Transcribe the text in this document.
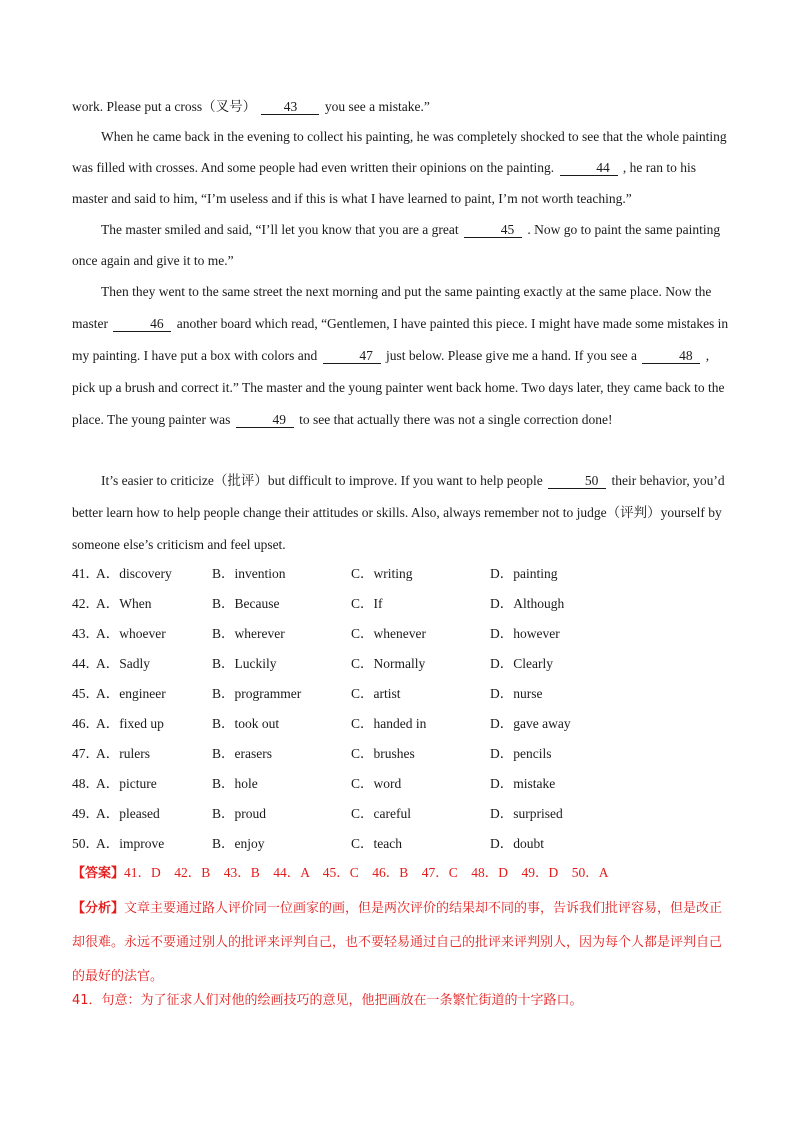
work. Please put a cross（叉号） 43 you see a mistake.”
When he came back in the evening to collect his painting, he was completely shocked to see that the whole painting was filled with crosses. And some people had even written their opinions on the painting.	44 , he ran to his master and said to him, “I’m useless and if this is what I have learned to paint, I’m not worth teaching.”
The master smiled and said, “I’ll let you know that you are a great	45 . Now go to paint the same painting once again and give it to me.”
Then they went to the same street the next morning and put the same painting exactly at the same place. Now the master	46 another board which read, “Gentlemen, I have painted this piece. I might have made some mistakes in my painting. I have put a box with colors and	47 just below. Please give me a hand. If you see a	48 , pick up a brush and correct it.” The master and the young painter went back home. Two days later, they came back to the place. The young painter was	49 to see that actually there was not a single correction done!
It’s easier to criticize（批评）but difficult to improve. If you want to help people	50 their behavior, you’d better learn how to help people change their attitudes or skills. Also, always remember not to judge（评判）yourself by someone else’s criticism and feel upset.
41．
A．discovery	B．invention	C．writing	D．painting
42．
A．When	B．Because	C．If	D．Although
43．
A．whoever	B．wherever	C．whenever	D．however
44．
A．Sadly	B．Luckily	C．Normally	D．Clearly
45．
A．engineer	B．programmer	C．artist	D．nurse
46．
A．fixed up	B．took out	C．handed in	D．gave away
47．
A．rulers	B．erasers	C．brushes	D．pencils
48．
A．picture	B．hole	C．word	D．mistake
49．
A．pleased	B．proud	C．careful	D．surprised
50．
A．improve	B．enjoy	C．teach	D．doubt
【答案】41．D　42．B　43．B　44．A　45．C　46．B　47．C　48．D　49．D　50．A
【分析】文章主要通过路人评价同一位画家的画，但是两次评价的结果却不同的事，告诉我们批评容易，但是改正却很难。永远不要通过别人的批评来评判自己，也不要轻易通过自己的批评来评判别人，因为每个人都是评判自己的最好的法官。
41．句意：为了征求人们对他的绘画技巧的意见，他把画放在一条繁忙街道的十字路口。
